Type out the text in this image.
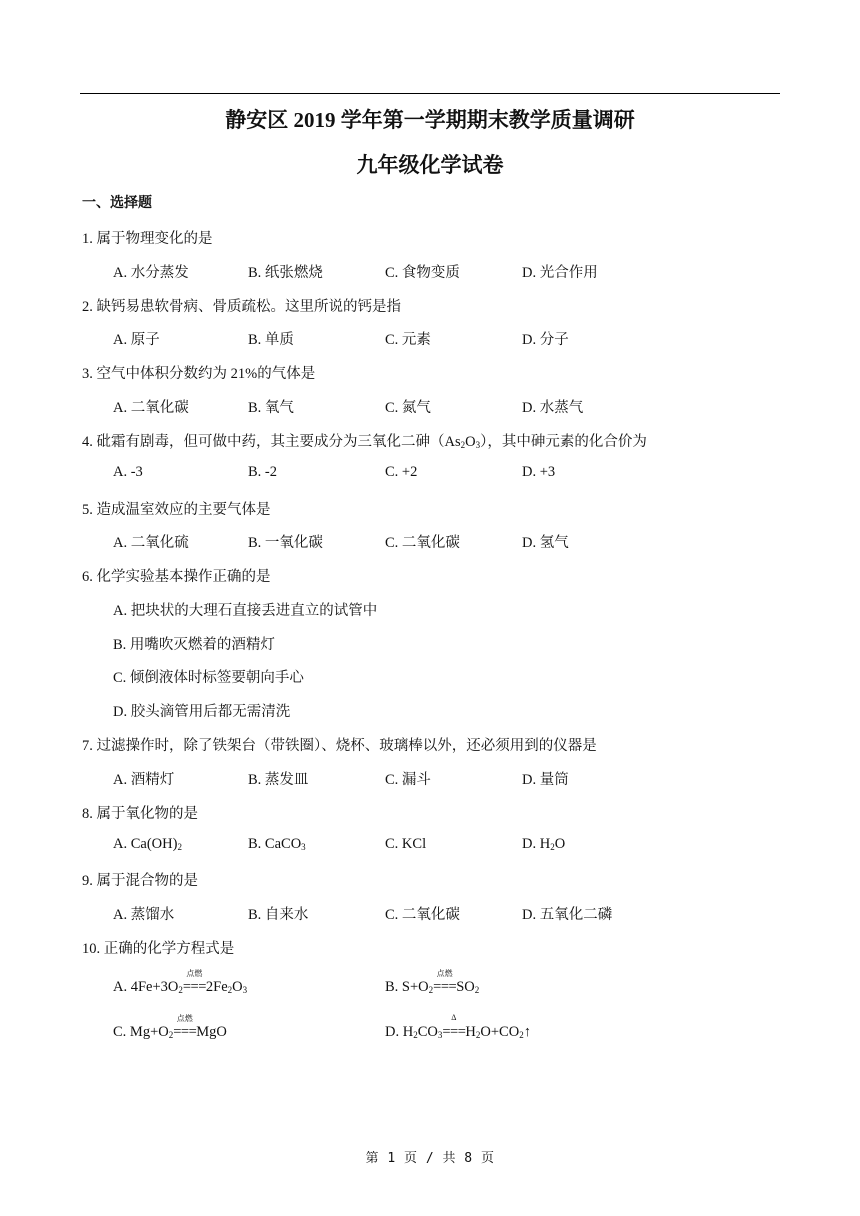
静安区 2019 学年第一学期期末教学质量调研
九年级化学试卷
一、选择题
1. 属于物理变化的是
A. 水分蒸发	B. 纸张燃烧	C. 食物变质	D. 光合作用
2. 缺钙易患软骨病、骨质疏松。这里所说的钙是指
A. 原子	B. 单质	C. 元素	D. 分子
3. 空气中体积分数约为 21%的气体是
A. 二氧化碳	B. 氧气	C. 氮气	D. 水蒸气
4. 砒霜有剧毒，但可做中药，其主要成分为三氧化二砷$(As_2O_3)$，其中砷元素的化合价为
A. -3	B. -2	C. +2	D. +3
5. 造成温室效应的主要气体是
A. 二氧化硫	B. 一氧化碳	C. 二氧化碳	D. 氢气
6. 化学实验基本操作正确的是
A. 把块状的大理石直接丢进直立的试管中
B. 用嘴吹灭燃着的酒精灯
C. 倾倒液体时标签要朝向手心
D. 胶头滴管用后都无需清洗
7. 过滤操作时，除了铁架台（带铁圈）、烧杯、玻璃棒以外，还必须用到的仪器是
A. 酒精灯	B. 蒸发皿	C. 漏斗	D. 量筒
8. 属于氧化物的是
A. $Ca(OH)_2$	B. CaCO$_3$	C. KCl	D. $H_2O$
9. 属于混合物的是
A. 蒸馏水	B. 自来水	C. 二氧化碳	D. 五氧化二磷
10. 正确的化学方程式是
A. $4Fe+3O_2$
点燃
$===2Fe_2O_3$	B. $S+O_2$
点燃
$===SO_2$
C. $Mg+O_2$
点燃
===MgO	D. $H_2CO_3$
Δ
$===H_2O+CO_2↑$
第 1 页 / 共 8 页
